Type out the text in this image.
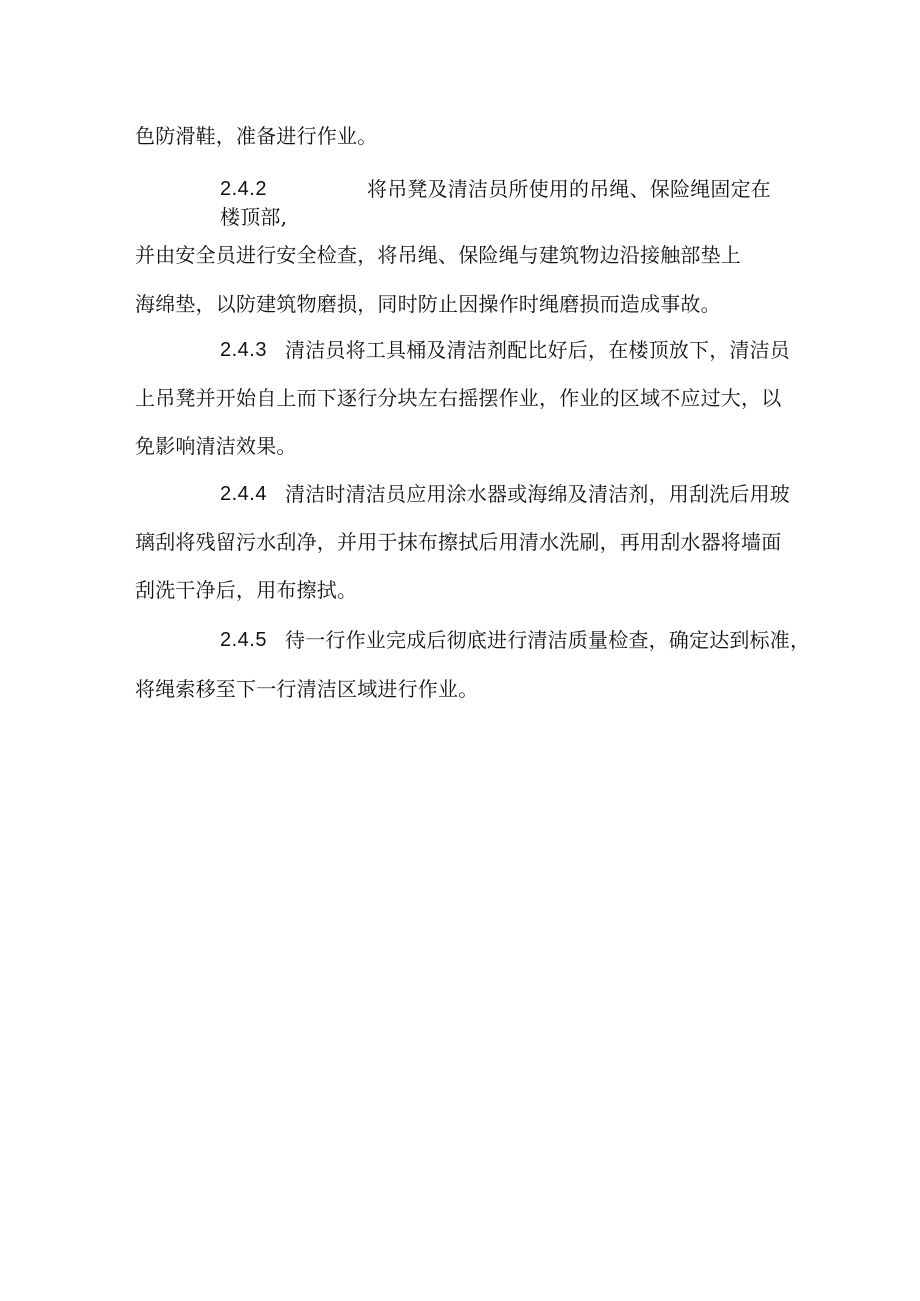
色防滑鞋，准备进行作业。
2.4.2	将吊凳及清洁员所使用的吊绳、保险绳固定在
楼顶部,
并由安全员进行安全检查，将吊绳、保险绳与建筑物边沿接触部垫上
海绵垫，以防建筑物磨损，同时防止因操作时绳磨损而造成事故。
2.4.3 清洁员将工具桶及清洁剂配比好后，在楼顶放下，清洁员
上吊凳并开始自上而下逐行分块左右摇摆作业，作业的区域不应过大，以
免影响清洁效果。
2.4.4 清洁时清洁员应用涂水器或海绵及清洁剂，用刮洗后用玻
璃刮将残留污水刮净，并用于抹布擦拭后用清水洗刷，再用刮水器将墙面
刮洗干净后，用布擦拭。
2.4.5 待一行作业完成后彻底进行清洁质量检查，确定达到标准，
将绳索移至下一行清洁区域进行作业。
